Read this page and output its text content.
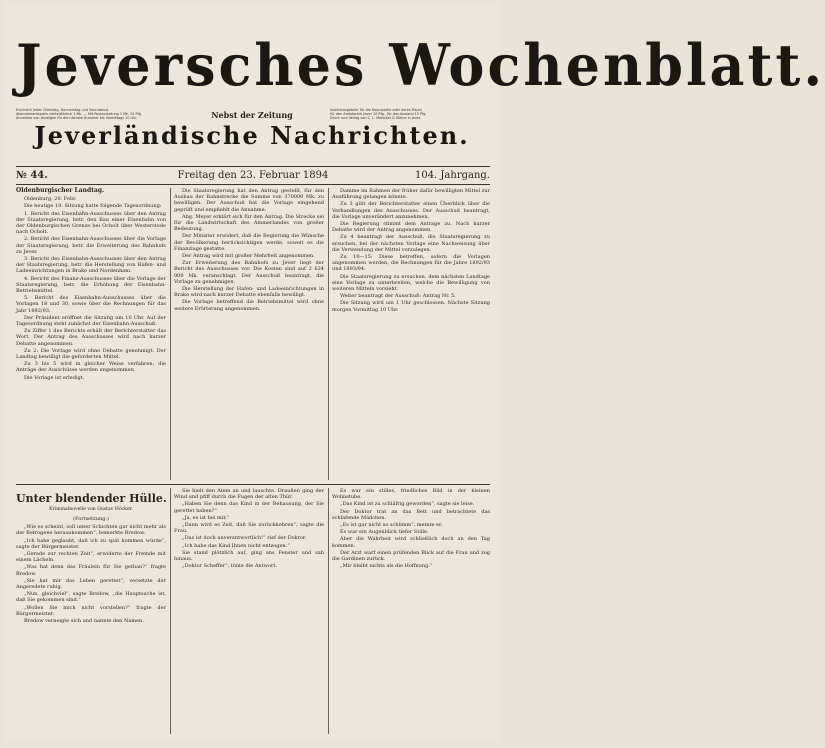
Jeversches Wochenblatt.
Erscheint jeden Dienstag, Donnerstag und Sonnabend.
Abonnementspreis vierteljährlich 1 Mk. — Mit Postzustellung 1 Mk. 25 Pfg.
Annahme von Anzeigen für die nächste Nummer bis Vormittags 10 Uhr.	Nebst der Zeitung	Insertionsgebühr für die Korpuszeile oder deren Raum
für den Amtsbezirk Jever 10 Pfg., für das Ausland 15 Pfg.
Druck und Verlag von C. L. Mettcker & Söhne in Jever.
Jeverländische Nachrichten.
№ 44.	Freitag den 23. Februar 1894	104. Jahrgang.

Oldenburgischer Landtag.

Oldenburg, 20. Febr.

Die heutige 19. Sitzung hatte folgende Tagesordnung:

1. Bericht des Eisenbahn-Ausschusses über den Antrag der Staatsregierung, betr. den Bau einer Eisenbahn von der Oldenburgischen Grenze bei Ocholt über Westerstede nach Ocholt.

2. Bericht des Eisenbahn-Ausschusses über die Vorlage der Staatsregierung, betr. die Erweiterung des Bahnhofs zu Jever.

3. Bericht des Eisenbahn-Ausschusses über den Antrag der Staatsregierung, betr. die Herstellung von Hafen- und Ladeeinrichtungen in Brake und Nordenham.

4. Bericht des Finanz-Ausschusses über die Vorlage der Staatsregierung, betr. die Erhöhung der Eisenbahn-Betriebsmittel.

5. Bericht des Eisenbahn-Ausschusses über die Vorlagen 18 und 30, sowie über die Rechnungen für das Jahr 1892/93.

Der Präsident eröffnet die Sitzung um 10 Uhr. Auf der Tagesordnung steht zunächst der Eisenbahn-Ausschuß.

Zu Ziffer 1 des Berichts erhält der Berichterstatter das Wort. Der Antrag des Ausschusses wird nach kurzer Debatte angenommen.

Zu 2: Die Vorlage wird ohne Debatte genehmigt. Der Landtag bewilligt die geforderten Mittel.

Zu 3 bis 5 wird in gleicher Weise verfahren; die Anträge der Ausschüsse werden angenommen.

Die Vorlage ist erledigt.

Die Staatsregierung hat den Antrag gestellt, für den Ausbau der Bahnstrecke die Summe von 370000 Mk. zu bewilligen. Der Ausschuß hat die Vorlage eingehend geprüft und empfiehlt die Annahme.

Abg. Meyer erklärt sich für den Antrag. Die Strecke sei für die Landwirtschaft des Ammerlandes von großer Bedeutung.

Der Minister erwidert, daß die Regierung die Wünsche der Bevölkerung berücksichtigen werde, soweit es die Finanzlage gestatte.

Der Antrag wird mit großer Mehrheit angenommen.

Zur Erweiterung des Bahnhofs zu Jever liegt der Bericht des Ausschusses vor. Die Kosten sind auf 2 624 000 Mk. veranschlagt. Der Ausschuß beantragt, die Vorlage zu genehmigen.

Die Herstellung der Hafen- und Ladeeinrichtungen in Brake wird nach kurzer Debatte ebenfalls bewilligt.

Die Vorlage betreffend die Betriebsmittel wird ohne weitere Erörterung angenommen.

Damme im Rahmen der früher dafür bewilligten Mittel zur Ausführung gelangen könnte.

Zu 3 gibt der Berichterstatter einen Überblick über die Verhandlungen des Ausschusses. Der Ausschuß beantragt, die Vorlage unverändert anzunehmen.

Die Regierung stimmt dem Antrage zu. Nach kurzer Debatte wird der Antrag angenommen.

Zu 4 beantragt der Ausschuß, die Staatsregierung zu ersuchen, bei der nächsten Vorlage eine Nachweisung über die Verwendung der Mittel vorzulegen.

Zu 10—15: Diese betreffen, sofern die Vorlagen angenommen werden, die Rechnungen für die Jahre 1892/93 und 1893/94.

Die Staatsregierung zu ersuchen, dem nächsten Landtage eine Vorlage zu unterbreiten, welche die Bewilligung von weiteren Mitteln vorsieht.

Weiter beantragt der Ausschuß: Antrag Nr. 5.

Die Sitzung wird um 1 Uhr geschlossen. Nächste Sitzung morgen Vormittag 10 Uhr.

Unter blendender Hülle.
Kriminalnovelle von Gustav Höcker.

(Fortsetzung.)

„Wie es scheint, soll unter Schichten gar nicht mehr als der Betrogene herauskommen“, bemerkte Bredow.

„Ich habe geglaubt, daß ich zu spät kommen würde“, sagte der Bürgermeister.

„Gerade zur rechten Zeit“, erwiderte der Fremde mit einem Lächeln.

„Was hat denn das Fräulein für Sie gethan?“ fragte Bredow.

„Sie hat mir das Leben gerettet“, versetzte der Angeredete ruhig.

„Nun, gleichviel“, sagte Bredow, „die Hauptsache ist, daß Sie gekommen sind.“

„Wollen Sie mich nicht vorstellen?“ fragte der Bürgermeister.

Bredow verneigte sich und nannte den Namen.

Sie hielt den Atem an und lauschte. Draußen ging der Wind und pfiff durch die Fugen der alten Thür.

„Haben Sie denn das Kind in der Behausung, der Sie gerettet haben?“

„Ja, es ist bei mir.“

„Dann wird es Zeit, daß Sie zurückkehren“, sagte die Frau.

„Das ist doch unverantwortlich!“ rief der Doktor.

„Ich habe das Kind Ihnen nicht entzogen.“

Sie stand plötzlich auf, ging ans Fenster und sah hinaus.

„Doktor Scheffer“, tönte die Antwort.

Es war ein stilles, friedliches Bild in der kleinen Wohnstube.

„Das Kind ist zu schläfrig geworden“, sagte sie leise.

Der Doktor trat an das Bett und betrachtete das schlafende Mädchen.

„Es ist gar nicht so schlimm“, meinte er.

Es war ein Augenblick tiefer Stille.

Aber die Wahrheit wird schließlich doch an den Tag kommen.

Der Arzt warf einen prüfenden Blick auf die Frau und zog die Gardinen zurück.

„Mir bleibt nichts als die Hoffnung.“
